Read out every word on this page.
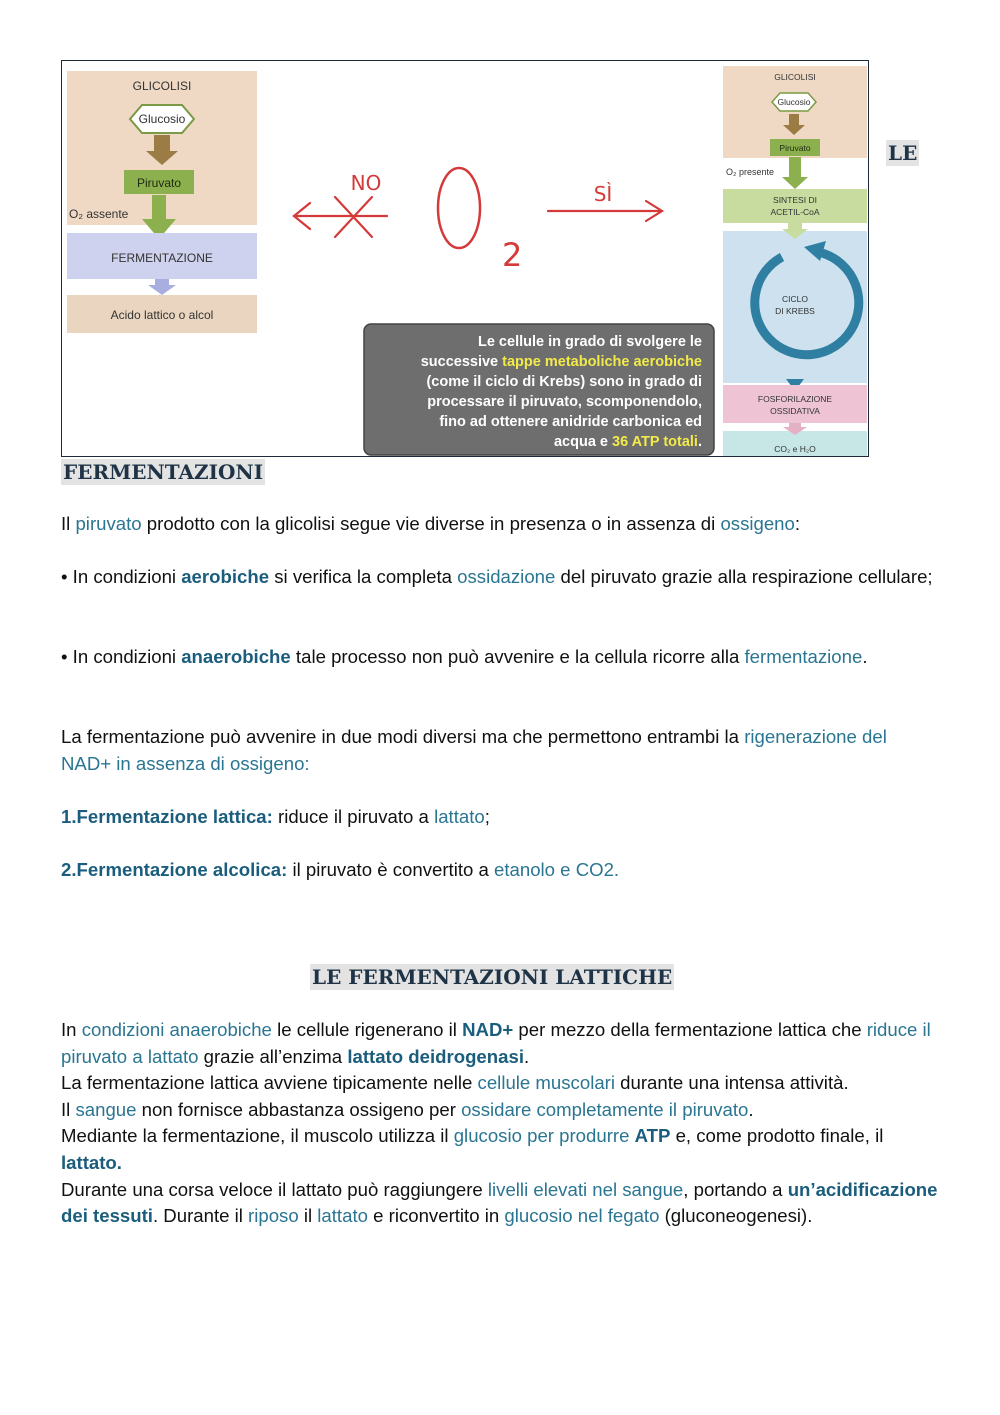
GLICOLISI
Glucosio
Piruvato
O₂ assente
FERMENTAZIONE
Acido lattico o alcol
NO
2
SÌ
Le cellule in grado di svolgere le
successive tappe metaboliche aerobiche
(come il ciclo di Krebs) sono in grado di
processare il piruvato, scomponendolo,
fino ad ottenere anidride carbonica ed
acqua e 36 ATP totali.
GLICOLISI
Glucosio
Piruvato
O₂ presente
SINTESI DI
ACETIL-CoA
CICLO
DI KREBS
FOSFORILAZIONE
OSSIDATIVA
CO₂ e H₂O
LE
FERMENTAZIONI

Il piruvato prodotto con la glicolisi segue vie diverse in presenza o in assenza di ossigeno:

• In condizioni aerobiche si verifica la completa ossidazione del piruvato grazie alla respirazione cellulare;

• In condizioni anaerobiche tale processo non può avvenire e la cellula ricorre alla fermentazione.

La fermentazione può avvenire in due modi diversi ma che permettono entrambi la rigenerazione del NAD+ in assenza di ossigeno:

1.Fermentazione lattica: riduce il piruvato a lattato;

2.Fermentazione alcolica: il piruvato è convertito a etanolo e CO2.

LE FERMENTAZIONI LATTICHE

In condizioni anaerobiche le cellule rigenerano il NAD+ per mezzo della fermentazione lattica che riduce il piruvato a lattato grazie all’enzima lattato deidrogenasi.
La fermentazione lattica avviene tipicamente nelle cellule muscolari durante una intensa attività.
Il sangue non fornisce abbastanza ossigeno per ossidare completamente il piruvato.
Mediante la fermentazione, il muscolo utilizza il glucosio per produrre ATP e, come prodotto finale, il lattato.
Durante una corsa veloce il lattato può raggiungere livelli elevati nel sangue, portando a un’acidificazione dei tessuti. Durante il riposo il lattato e riconvertito in glucosio nel fegato (gluconeogenesi).
